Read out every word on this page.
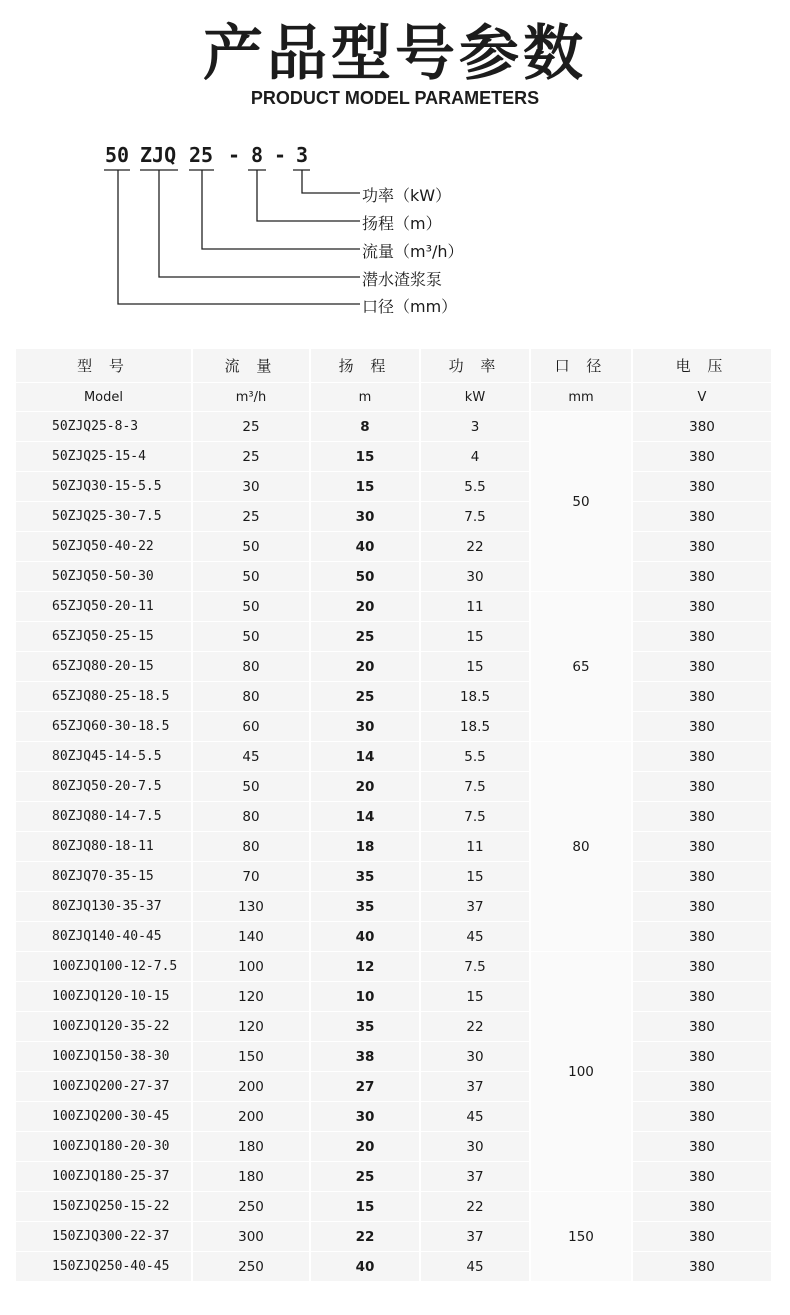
产品型号参数
PRODUCT MODEL PARAMETERS
50 ZJQ 25 - 8 - 3
功率（kW）
扬程（m）
流量（m³/h）
潜水渣浆泵
口径（mm）
型 号	流 量	扬 程	功 率	口 径	电 压
Model	m³/h	m	kW	mm	V
50ZJQ25-8-3	25	8	3	50	380
50ZJQ25-15-4	25	15	4		380
50ZJQ30-15-5.5	30	15	5.5		380
50ZJQ25-30-7.5	25	30	7.5		380
50ZJQ50-40-22	50	40	22		380
50ZJQ50-50-30	50	50	30		380
65ZJQ50-20-11	50	20	11	65	380
65ZJQ50-25-15	50	25	15		380
65ZJQ80-20-15	80	20	15		380
65ZJQ80-25-18.5	80	25	18.5		380
65ZJQ60-30-18.5	60	30	18.5		380
80ZJQ45-14-5.5	45	14	5.5	80	380
80ZJQ50-20-7.5	50	20	7.5		380
80ZJQ80-14-7.5	80	14	7.5		380
80ZJQ80-18-11	80	18	11		380
80ZJQ70-35-15	70	35	15		380
80ZJQ130-35-37	130	35	37		380
80ZJQ140-40-45	140	40	45		380
100ZJQ100-12-7.5	100	12	7.5	100	380
100ZJQ120-10-15	120	10	15		380
100ZJQ120-35-22	120	35	22		380
100ZJQ150-38-30	150	38	30		380
100ZJQ200-27-37	200	27	37		380
100ZJQ200-30-45	200	30	45		380
100ZJQ180-20-30	180	20	30		380
100ZJQ180-25-37	180	25	37		380
150ZJQ250-15-22	250	15	22	150	380
150ZJQ300-22-37	300	22	37		380
150ZJQ250-40-45	250	40	45		380
